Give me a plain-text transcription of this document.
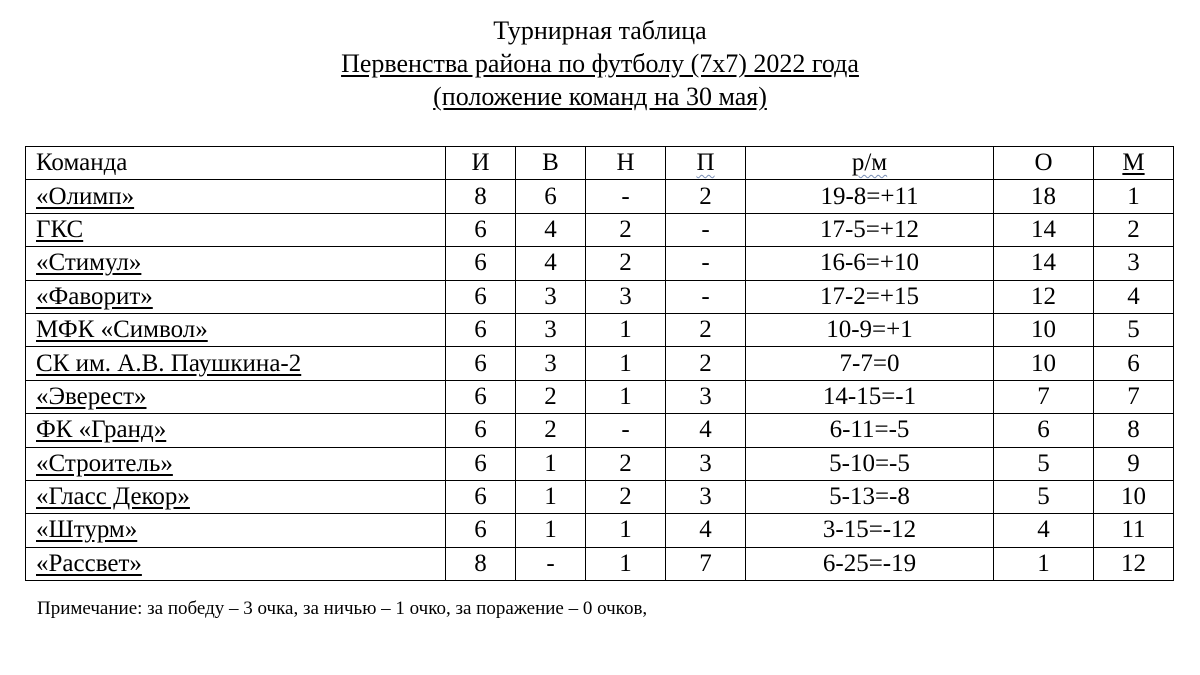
Турнирная таблица
Первенства района по футболу (7х7) 2022 года
(положение команд на 30 мая)
Команда	И	В	Н	П	р/м	О	М
«Олимп»	8	6	-	2	19-8=+11	18	1
ГКС	6	4	2	-	17-5=+12	14	2
«Стимул»	6	4	2	-	16-6=+10	14	3
«Фаворит»	6	3	3	-	17-2=+15	12	4
МФК «Символ»	6	3	1	2	10-9=+1	10	5
СК им. А.В. Паушкина-2	6	3	1	2	7-7=0	10	6
«Эверест»	6	2	1	3	14-15=-1	7	7
ФК «Гранд»	6	2	-	4	6-11=-5	6	8
«Строитель»	6	1	2	3	5-10=-5	5	9
«Гласс Декор»	6	1	2	3	5-13=-8	5	10
«Штурм»	6	1	1	4	3-15=-12	4	11
«Рассвет»	8	-	1	7	6-25=-19	1	12
Примечание: за победу – 3 очка, за ничью – 1 очко, за поражение – 0 очков,
